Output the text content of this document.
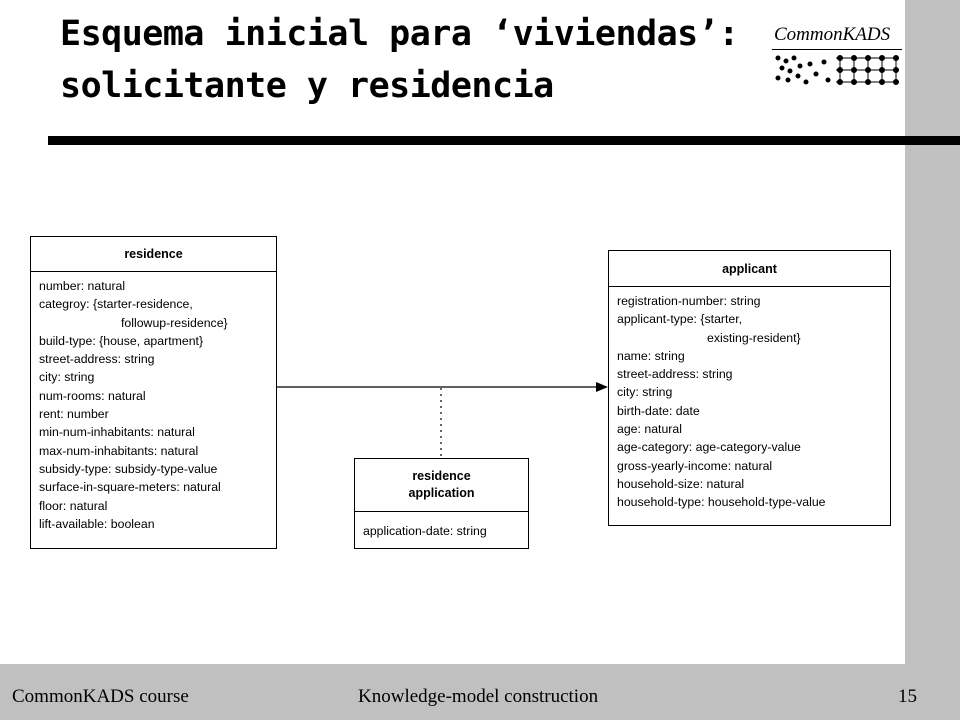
Esquema inicial para ‘viviendas’:
solicitante y residencia
CommonKADS
residence
number: natural
categroy: {starter-residence,
followup-residence}
build-type: {house, apartment}
street-address: string
city: string
num-rooms: natural
rent: number
min-num-inhabitants: natural
max-num-inhabitants: natural
subsidy-type: subsidy-type-value
surface-in-square-meters: natural
floor: natural
lift-available: boolean
applicant
registration-number: string
applicant-type: {starter,
existing-resident}
name: string
street-address: string
city: string
birth-date: date
age: natural
age-category: age-category-value
gross-yearly-income: natural
household-size: natural
household-type: household-type-value
residence
application
application-date: string
CommonKADS course	Knowledge-model construction	15
